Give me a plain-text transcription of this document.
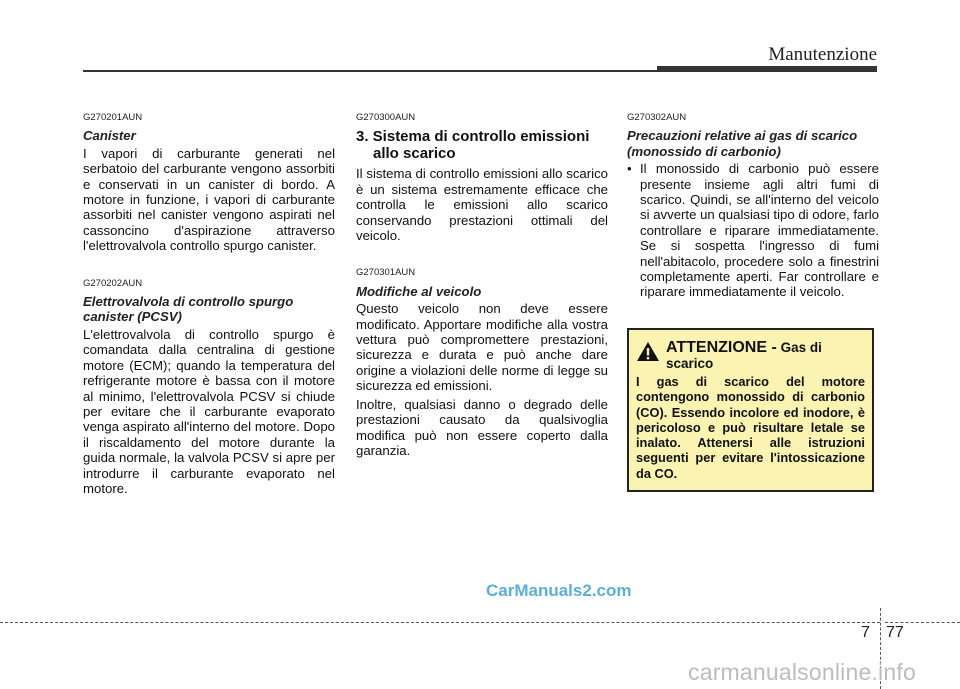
Manutenzione
G270201AUN
Canister
I vapori di carburante generati nel serbatoio del carburante vengono assorbiti e conservati in un canister di bordo. A motore in funzione, i vapori di carburante assorbiti nel canister vengono aspirati nel cassoncino d'aspirazione attraverso l'elettrovalvola controllo spurgo canister.
G270202AUN
Elettrovalvola di controllo spurgo canister (PCSV)
L'elettrovalvola di controllo spurgo è comandata dalla centralina di gestione motore (ECM); quando la temperatura del refrigerante motore è bassa con il motore al minimo, l'elettrovalvola PCSV si chiude per evitare che il carburante evaporato venga aspirato all'interno del motore. Dopo il riscaldamento del motore durante la guida normale, la valvola PCSV si apre per introdurre il carburante evaporato nel motore.
G270300AUN
3. Sistema di controllo emissioni allo scarico
Il sistema di controllo emissioni allo scarico è un sistema estremamente efficace che controlla le emissioni allo scarico conservando prestazioni ottimali del veicolo.
G270301AUN
Modifiche al veicolo
Questo veicolo non deve essere modificato. Apportare modifiche alla vostra vettura può compromettere prestazioni, sicurezza e durata e può anche dare origine a violazioni delle norme di legge su sicurezza ed emissioni.
Inoltre, qualsiasi danno o degrado delle prestazioni causato da qualsivoglia modifica può non essere coperto dalla garanzia.
G270302AUN
Precauzioni relative ai gas di scarico (monossido di carbonio)
• Il monossido di carbonio può essere presente insieme agli altri fumi di scarico. Quindi, se all'interno del veicolo si avverte un qualsiasi tipo di odore, farlo controllare e riparare immediatamente. Se si sospetta l'ingresso di fumi nell'abitacolo, procedere solo a finestrini completamente aperti. Far controllare e riparare immediatamente il veicolo.
ATTENZIONE - Gas di scarico
I gas di scarico del motore contengono monossido di carbonio (CO). Essendo incolore ed inodore, è pericoloso e può risultare letale se inalato. Attenersi alle istruzioni seguenti per evitare l'intossicazione da CO.
CarManuals2.com
7 77
carmanualsonline.info
